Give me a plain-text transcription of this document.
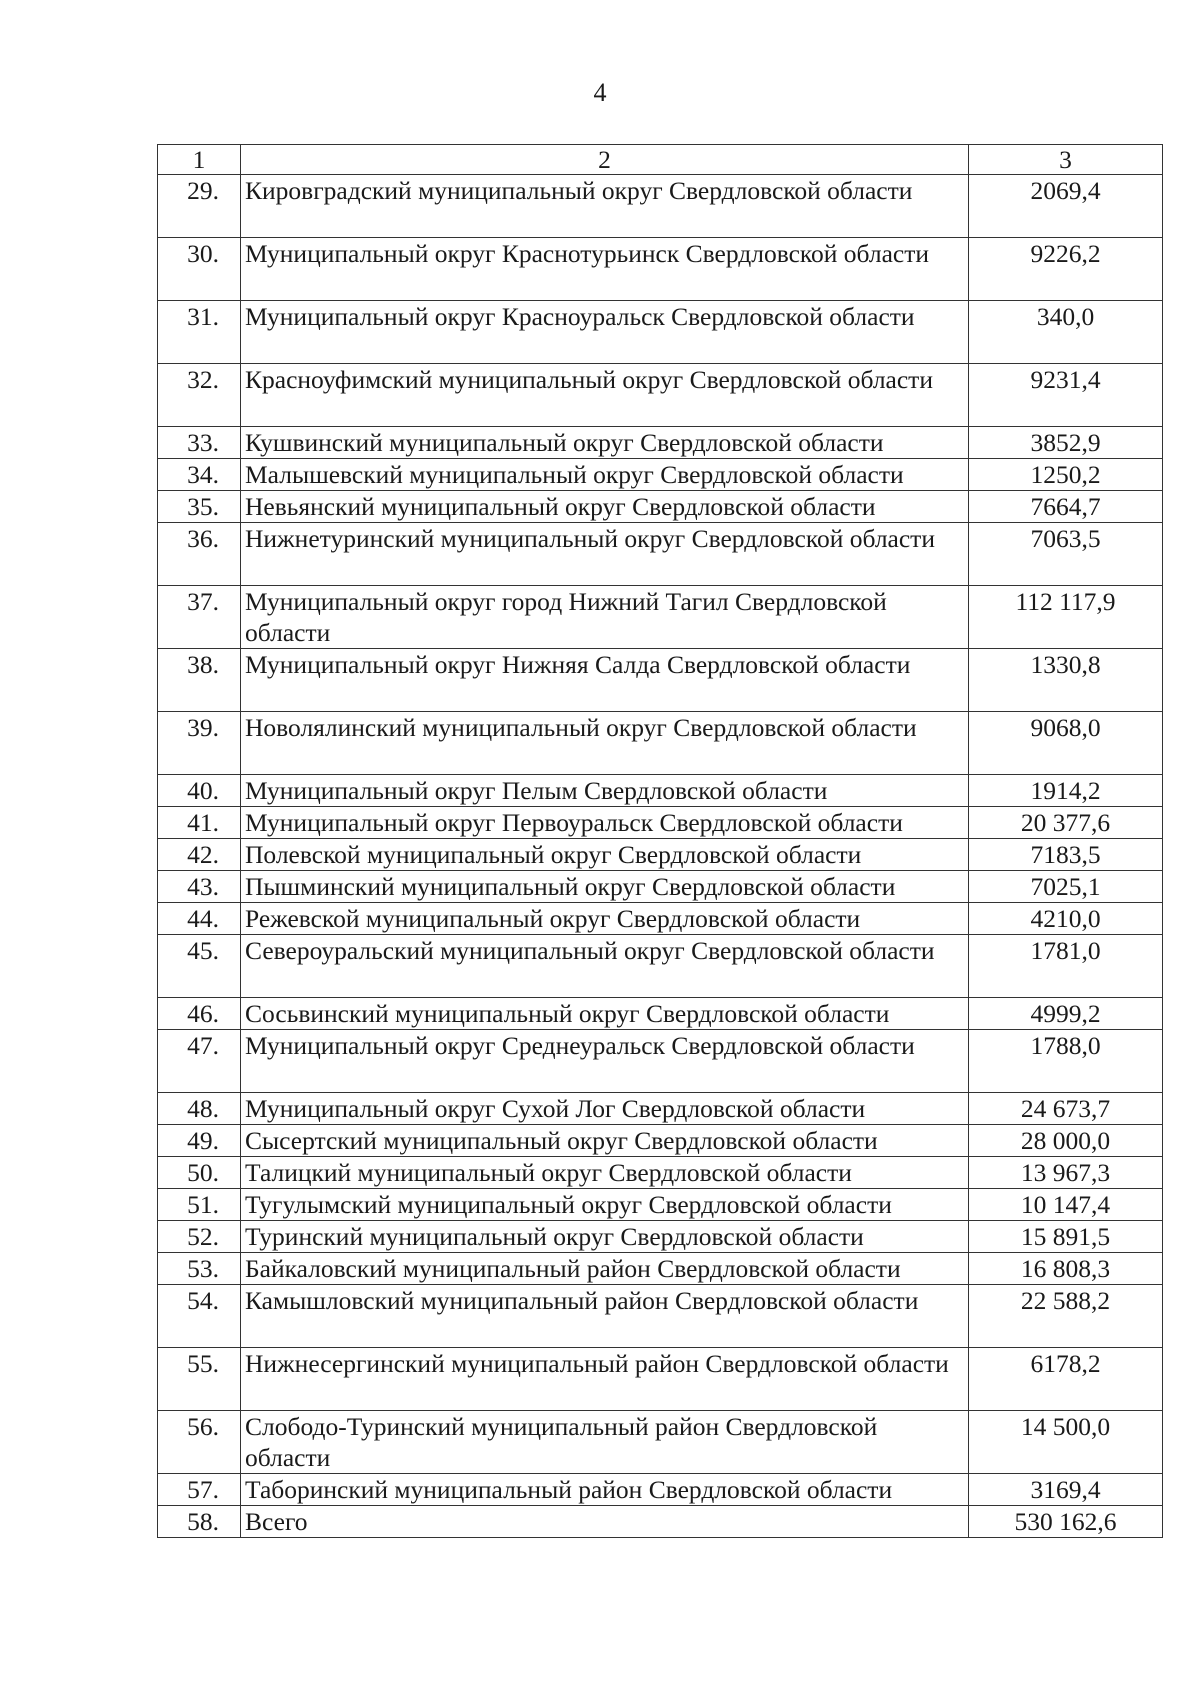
4
1	2	3
29.	Кировградский муниципальный округ Свердловской области	2069,4
30.	Муниципальный округ Краснотурьинск Свердловской области	9226,2
31.	Муниципальный округ Красноуральск Свердловской области	340,0
32.	Красноуфимский муниципальный округ Свердловской области	9231,4
33.	Кушвинский муниципальный округ Свердловской области	3852,9
34.	Малышевский муниципальный округ Свердловской области	1250,2
35.	Невьянский муниципальный округ Свердловской области	7664,7
36.	Нижнетуринский муниципальный округ Свердловской области	7063,5
37.	Муниципальный округ город Нижний Тагил Свердловской области	112 117,9
38.	Муниципальный округ Нижняя Салда Свердловской области	1330,8
39.	Новолялинский муниципальный округ Свердловской области	9068,0
40.	Муниципальный округ Пелым Свердловской области	1914,2
41.	Муниципальный округ Первоуральск Свердловской области	20 377,6
42.	Полевской муниципальный округ Свердловской области	7183,5
43.	Пышминский муниципальный округ Свердловской области	7025,1
44.	Режевской муниципальный округ Свердловской области	4210,0
45.	Североуральский муниципальный округ Свердловской области	1781,0
46.	Сосьвинский муниципальный округ Свердловской области	4999,2
47.	Муниципальный округ Среднеуральск Свердловской области	1788,0
48.	Муниципальный округ Сухой Лог Свердловской области	24 673,7
49.	Сысертский муниципальный округ Свердловской области	28 000,0
50.	Талицкий муниципальный округ Свердловской области	13 967,3
51.	Тугулымский муниципальный округ Свердловской области	10 147,4
52.	Туринский муниципальный округ Свердловской области	15 891,5
53.	Байкаловский муниципальный район Свердловской области	16 808,3
54.	Камышловский муниципальный район Свердловской области	22 588,2
55.	Нижнесергинский муниципальный район Свердловской области	6178,2
56.	Слободо-Туринский муниципальный район Свердловской области	14 500,0
57.	Таборинский муниципальный район Свердловской области	3169,4
58.	Всего	530 162,6
